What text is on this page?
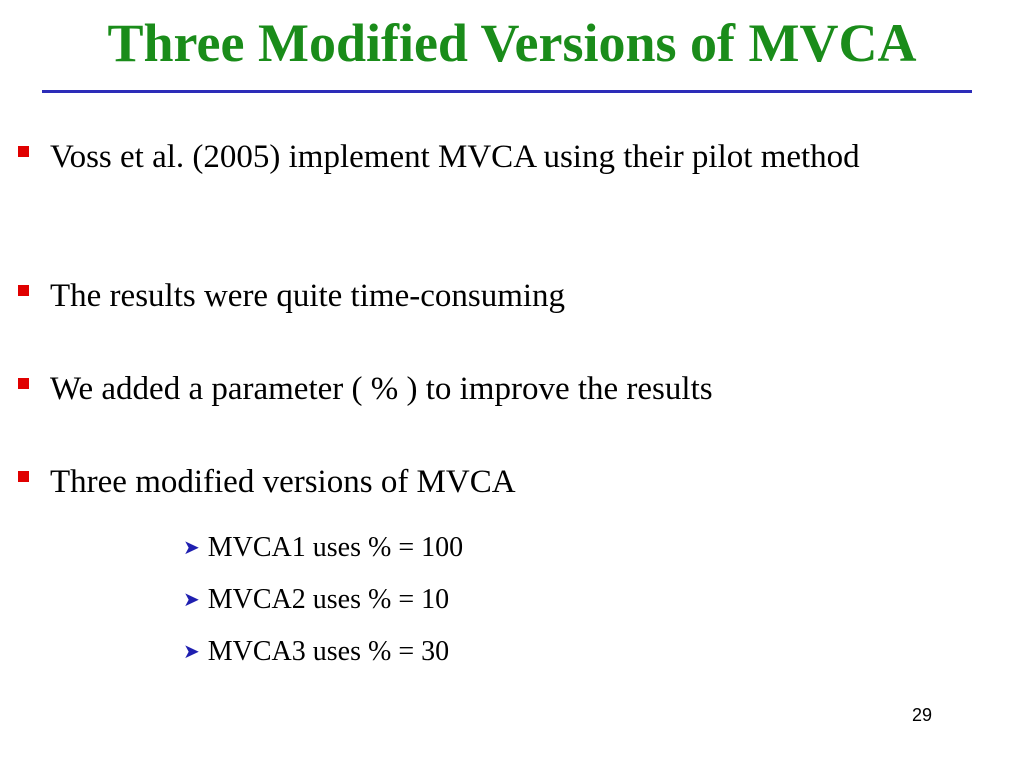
Three Modified Versions of MVCA
Voss et al. (2005) implement MVCA using their pilot method
The results were quite time-consuming
We added a parameter ( % ) to improve the results
Three modified versions of MVCA
➤ MVCA1 uses % = 100
➤ MVCA2 uses % = 10
➤ MVCA3 uses % = 30
29
